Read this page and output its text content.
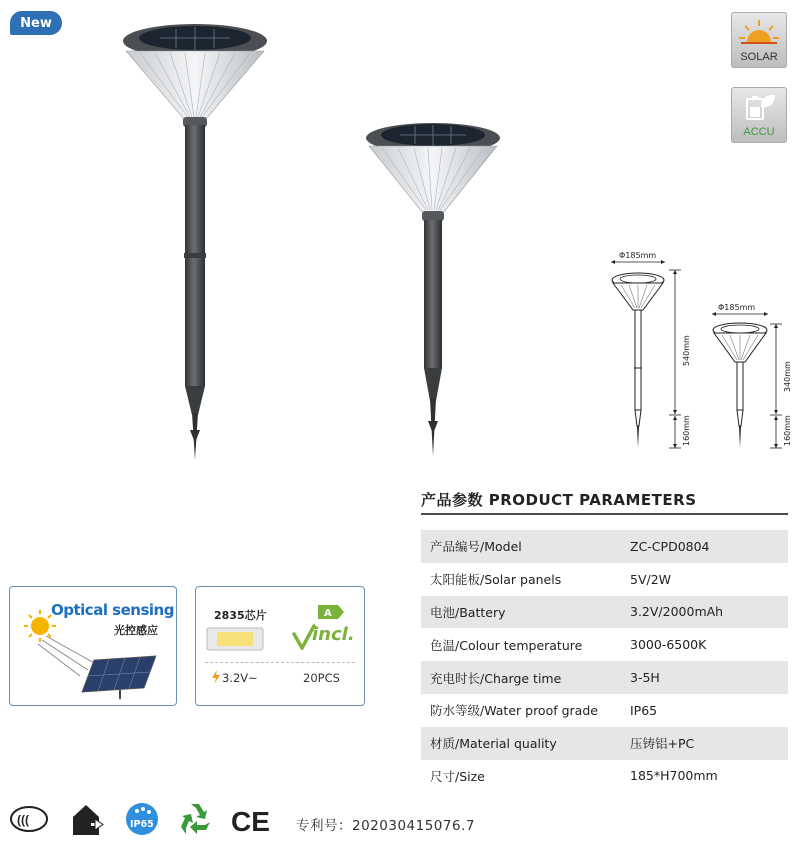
New
SOLAR
ACCU
Φ185mm
540mm
160mm
Φ185mm
340mm
160mm
产品参数 PRODUCT PARAMETERS
产品编号/Model	ZC-CPD0804
太阳能板/Solar panels	5V/2W
电池/Battery	3.2V/2000mAh
色温/Colour temperature	3000-6500K
充电时长/Charge time	3-5H
防水等级/Water proof grade	IP65
材质/Material quality	压铸铝+PC
尺寸/Size	185*H700mm
Optical sensing
光控感应
2835芯片	A
incl.
3.2V~	20PCS
(((	IP65	CE 专利号：202030415076.7
